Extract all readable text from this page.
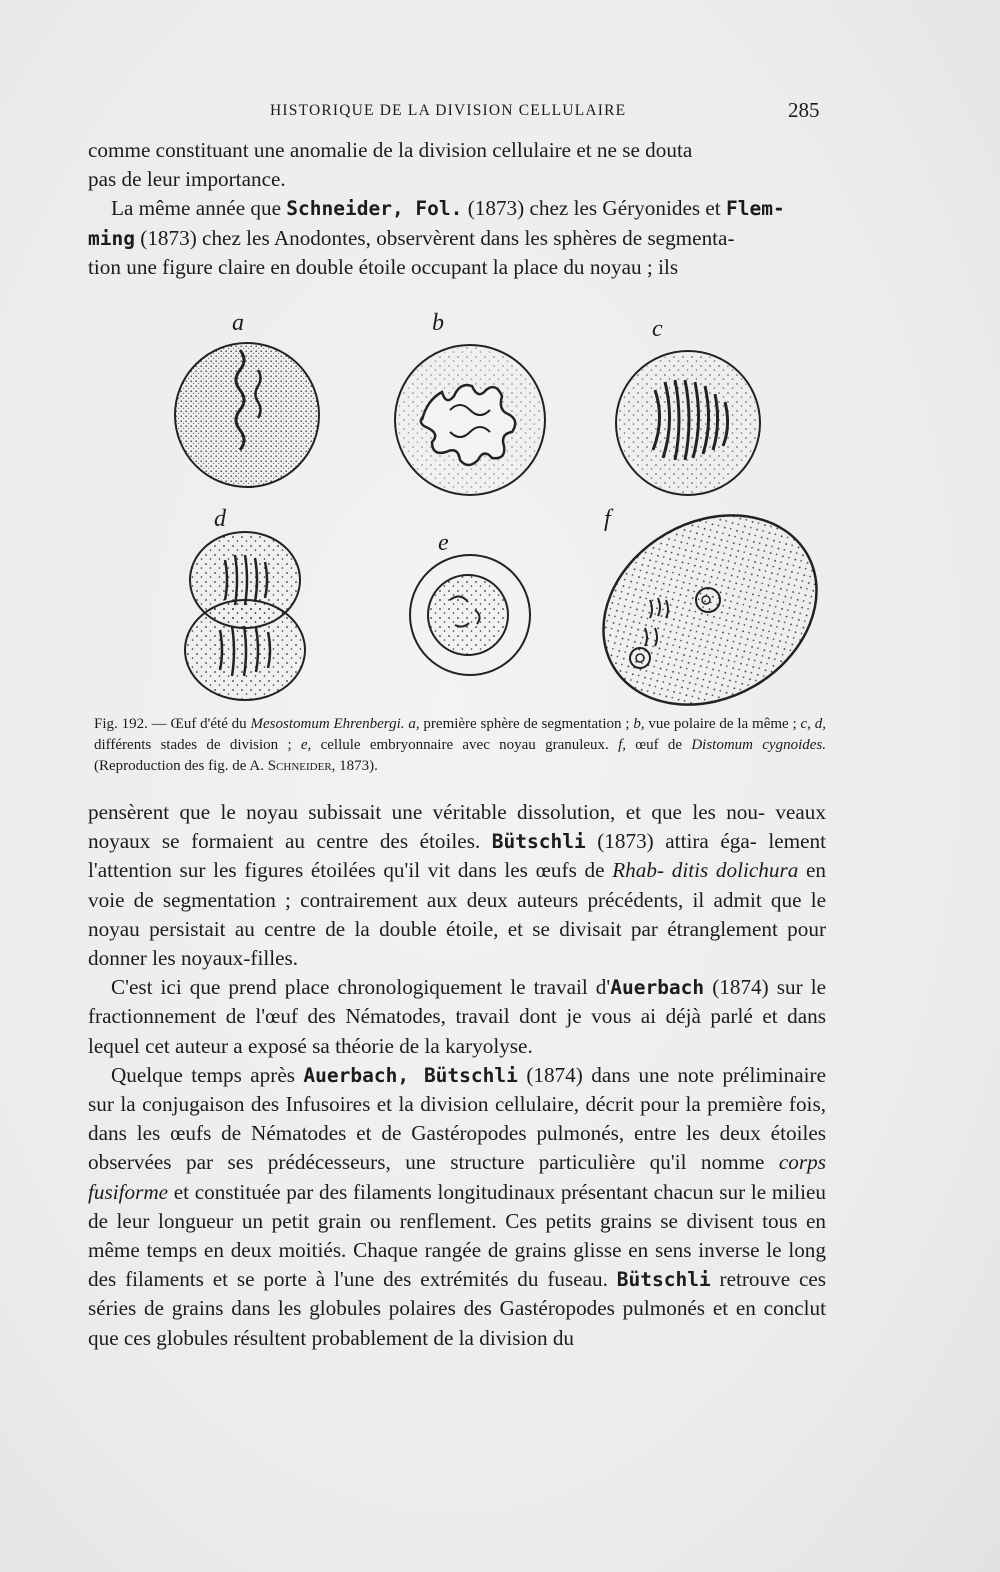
HISTORIQUE DE LA DIVISION CELLULAIRE	285

comme constituant une anomalie de la division cellulaire et ne se douta
pas de leur importance.

La même année que Schneider, Fol. (1873) chez les Géryonides et Flem-
ming (1873) chez les Anodontes, observèrent dans les sphères de segmenta-
tion une figure claire en double étoile occupant la place du noyau ; ils

a	b	c
d
e
f

Fig. 192. — Œuf d'été du Mesostomum Ehrenbergi. a, première sphère de segmentation ; b, vue polaire de la même ; c, d, différents stades de division ; e, cellule embryonnaire avec noyau granuleux. f, œuf de Distomum cygnoides. (Reproduction des fig. de A. Schneider, 1873).

pensèrent que le noyau subissait une véritable dissolution, et que les nou- veaux noyaux se formaient au centre des étoiles. Bütschli (1873) attira éga- lement l'attention sur les figures étoilées qu'il vit dans les œufs de Rhab- ditis dolichura en voie de segmentation ; contrairement aux deux auteurs précédents, il admit que le noyau persistait au centre de la double étoile, et se divisait par étranglement pour donner les noyaux-filles.

C'est ici que prend place chronologiquement le travail d'Auerbach (1874) sur le fractionnement de l'œuf des Nématodes, travail dont je vous ai déjà parlé et dans lequel cet auteur a exposé sa théorie de la karyolyse.

Quelque temps après Auerbach, Bütschli (1874) dans une note préliminaire sur la conjugaison des Infusoires et la division cellulaire, décrit pour la première fois, dans les œufs de Nématodes et de Gastéropodes pulmonés, entre les deux étoiles observées par ses prédécesseurs, une structure particulière qu'il nomme corps fusiforme et constituée par des filaments longitudinaux présentant chacun sur le milieu de leur longueur un petit grain ou renflement. Ces petits grains se divisent tous en même temps en deux moitiés. Chaque rangée de grains glisse en sens inverse le long des filaments et se porte à l'une des extrémités du fuseau. Bütschli retrouve ces séries de grains dans les globules polaires des Gastéropodes pulmonés et en conclut que ces globules résultent probablement de la division du
